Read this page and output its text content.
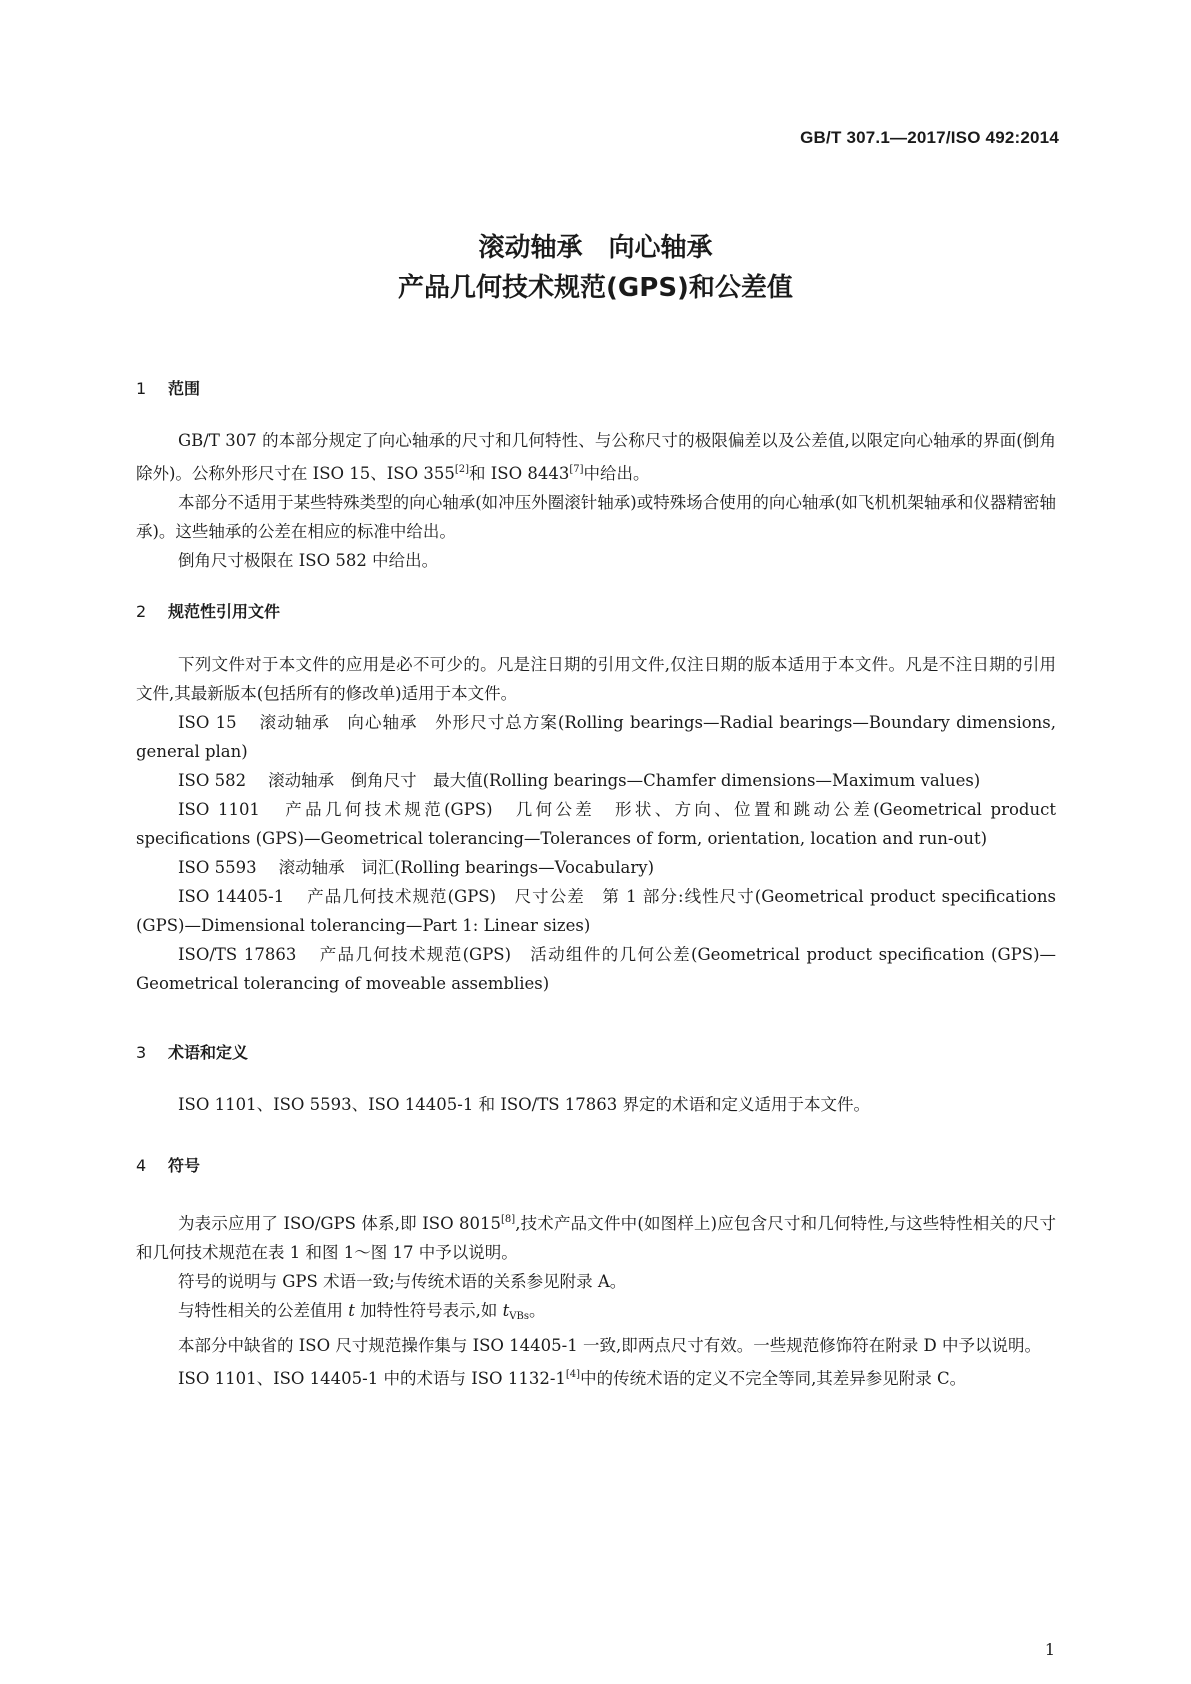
GB/T 307.1—2017/ISO 492:2014
滚动轴承 向心轴承
产品几何技术规范(GPS)和公差值
1 范围

GB/T 307 的本部分规定了向心轴承的尺寸和几何特性、与公称尺寸的极限偏差以及公差值,以限定向心轴承的界面(倒角除外)。公称外形尺寸在 ISO 15、ISO 355[2]和 ISO 8443[7]中给出。

本部分不适用于某些特殊类型的向心轴承(如冲压外圈滚针轴承)或特殊场合使用的向心轴承(如飞机机架轴承和仪器精密轴承)。这些轴承的公差在相应的标准中给出。

倒角尺寸极限在 ISO 582 中给出。

2 规范性引用文件

下列文件对于本文件的应用是必不可少的。凡是注日期的引用文件,仅注日期的版本适用于本文件。凡是不注日期的引用文件,其最新版本(包括所有的修改单)适用于本文件。

ISO 15 滚动轴承　向心轴承　外形尺寸总方案(Rolling bearings—Radial bearings—Boundary dimensions, general plan)

ISO 582 滚动轴承　倒角尺寸　最大值(Rolling bearings—Chamfer dimensions—Maximum values)

ISO 1101 产品几何技术规范(GPS)　几何公差　形状、方向、位置和跳动公差(Geometrical product specifications (GPS)—Geometrical tolerancing—Tolerances of form, orientation, location and run-out)

ISO 5593 滚动轴承　词汇(Rolling bearings—Vocabulary)

ISO 14405-1 产品几何技术规范(GPS)　尺寸公差　第 1 部分:线性尺寸(Geometrical product specifications (GPS)—Dimensional tolerancing—Part 1: Linear sizes)

ISO/TS 17863 产品几何技术规范(GPS)　活动组件的几何公差(Geometrical product specification (GPS)—Geometrical tolerancing of moveable assemblies)

3 术语和定义

ISO 1101、ISO 5593、ISO 14405-1 和 ISO/TS 17863 界定的术语和定义适用于本文件。

4 符号

为表示应用了 ISO/GPS 体系,即 ISO 8015[8],技术产品文件中(如图样上)应包含尺寸和几何特性,与这些特性相关的尺寸和几何技术规范在表 1 和图 1～图 17 中予以说明。

符号的说明与 GPS 术语一致;与传统术语的关系参见附录 A。

与特性相关的公差值用 t 加特性符号表示,如 $t_{VBs}$。

本部分中缺省的 ISO 尺寸规范操作集与 ISO 14405-1 一致,即两点尺寸有效。一些规范修饰符在附录 D 中予以说明。

ISO 1101、ISO 14405-1 中的术语与 ISO 1132-1[4]中的传统术语的定义不完全等同,其差异参见附录 C。

1
